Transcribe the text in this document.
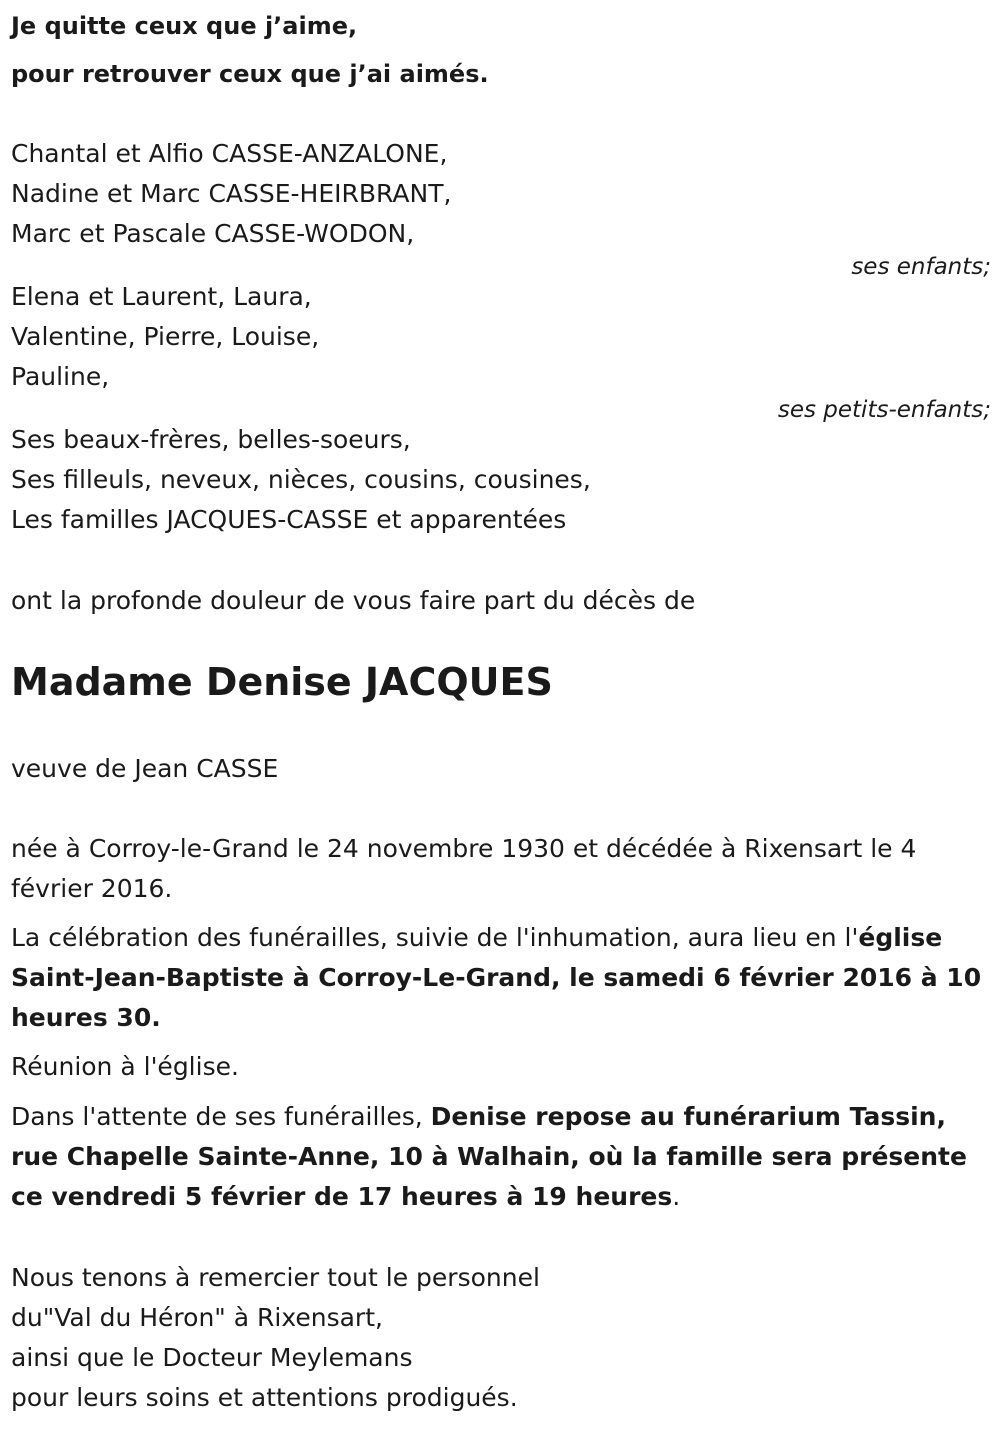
Je quitte ceux que j’aime,
pour retrouver ceux que j’ai aimés.
Chantal et Alfio CASSE-ANZALONE,
Nadine et Marc CASSE-HEIRBRANT,
Marc et Pascale CASSE-WODON,
ses enfants;
Elena et Laurent, Laura,
Valentine, Pierre, Louise,
Pauline,
ses petits-enfants;
Ses beaux-frères, belles-soeurs,
Ses filleuls, neveux, nièces, cousins, cousines,
Les familles JACQUES-CASSE et apparentées
ont la profonde douleur de vous faire part du décès de
Madame Denise JACQUES
veuve de Jean CASSE
née à Corroy-le-Grand le 24 novembre 1930 et décédée à Rixensart le 4 février 2016.
La célébration des funérailles, suivie de l'inhumation, aura lieu en l'église Saint-Jean-Baptiste à Corroy-Le-Grand, le samedi 6 février 2016 à 10 heures 30.
Réunion à l'église.
Dans l'attente de ses funérailles, Denise repose au funérarium Tassin, rue Chapelle Sainte-Anne, 10 à Walhain, où la famille sera présente ce vendredi 5 février de 17 heures à 19 heures.
Nous tenons à remercier tout le personnel
du"Val du Héron" à Rixensart,
ainsi que le Docteur Meylemans
pour leurs soins et attentions prodigués.
